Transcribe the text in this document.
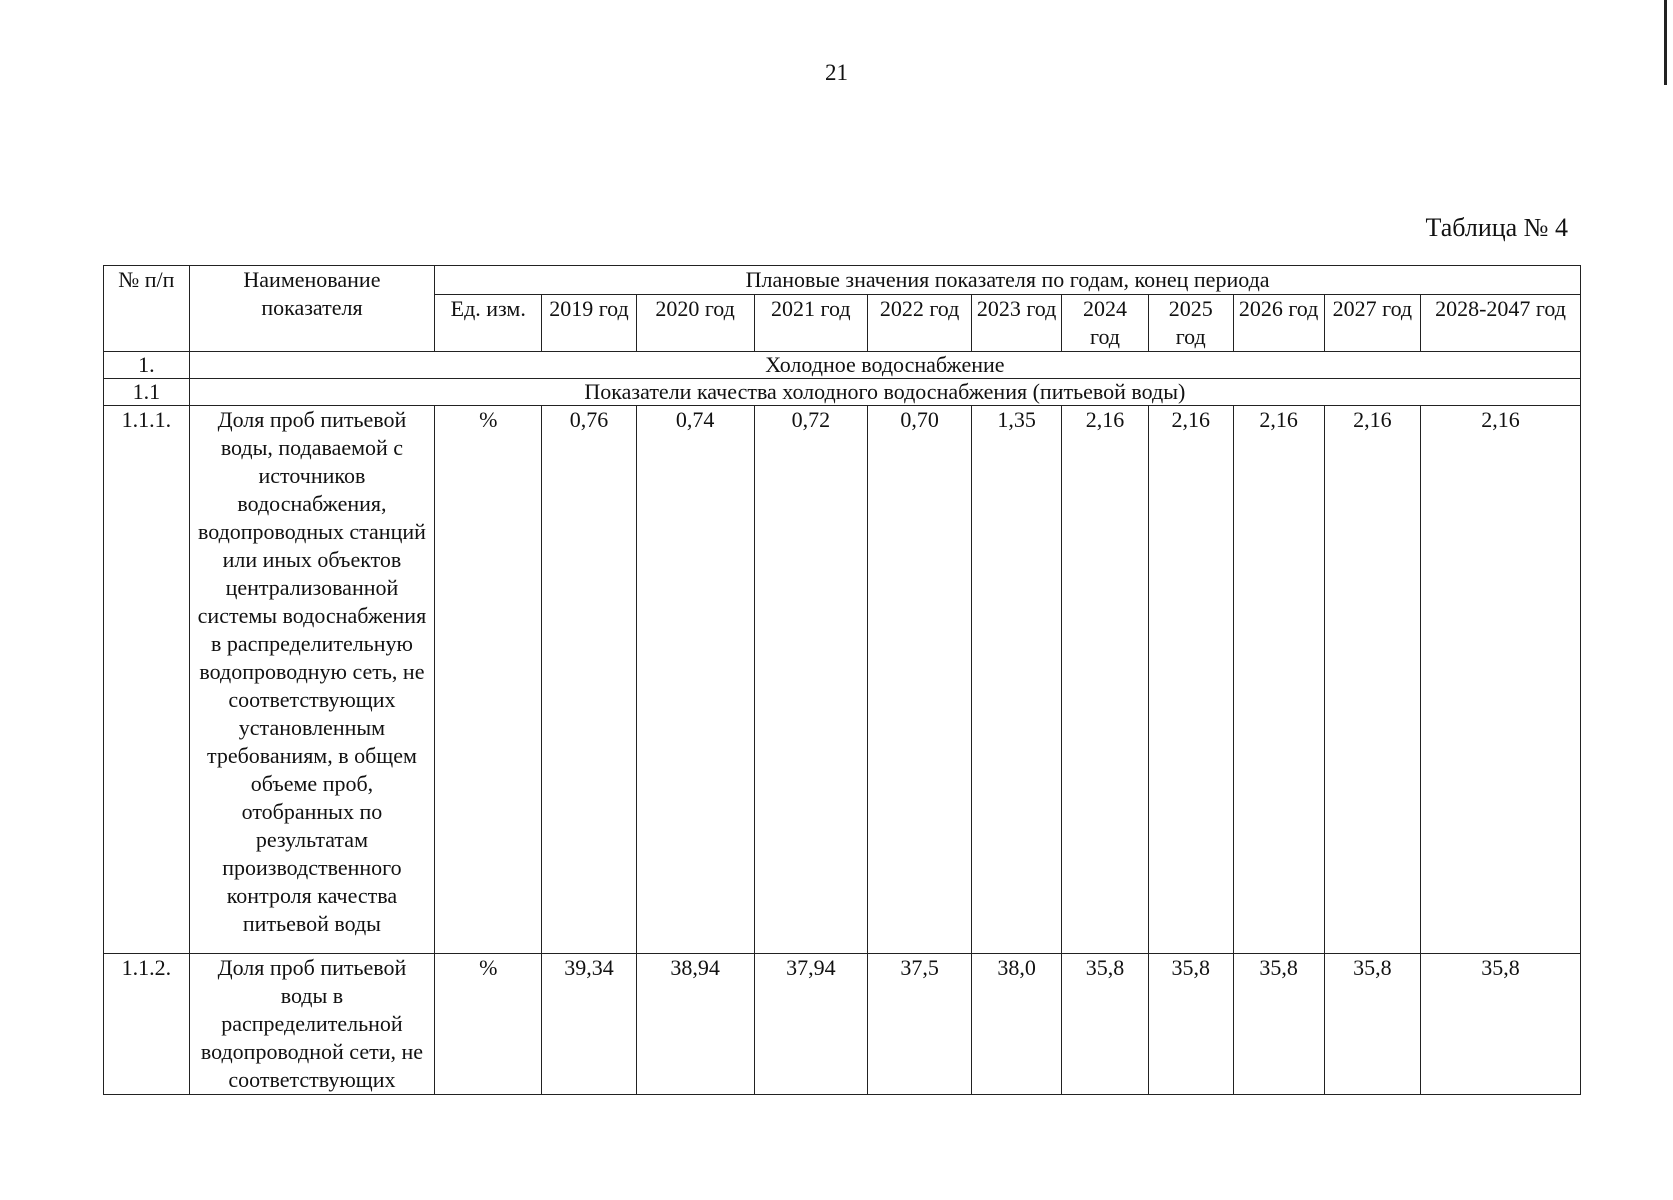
21
Таблица № 4
№ п/п	Наименование показателя	Плановые значения показателя по годам, конец периода										
		Ед. изм.	2019 год	2020 год	2021 год	2022 год	2023 год	2024 год	2025 год	2026 год	2027 год	2028-2047 год
1.	Холодное водоснабжение											
1.1	Показатели качества холодного водоснабжения (питьевой воды)											
1.1.1.	Доля проб питьевой воды, подаваемой с источников водоснабжения, водопроводных станций или иных объектов централизованной системы водоснабжения в распределительную водопроводную сеть, не соответствующих установленным требованиям, в общем объеме проб, отобранных по результатам производственного контроля качества питьевой воды	%	0,76	0,74	0,72	0,70	1,35	2,16	2,16	2,16	2,16	2,16
1.1.2.	Доля проб питьевой воды в распределительной водопроводной сети, не соответствующих	%	39,34	38,94	37,94	37,5	38,0	35,8	35,8	35,8	35,8	35,8
